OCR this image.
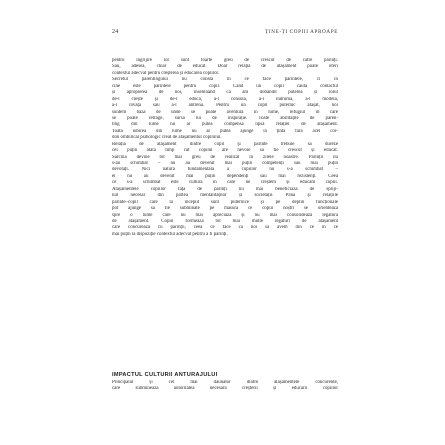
24	ȚINE-ȚI COPIII APROAPE
pentru îngrijire lor sunt foarte greu de crescut de către părinți.
Sau, adesea, chiar de educat. Doar relația de atașament poate oferi
contextul adecvat pentru creșterea și educarea copiilor.
Secretul parentingului nu constă în ce face părintele, ci în
cine este părintele pentru copil. Când un copil caută contactul
și apropierea de noi, însemnând că am dobândit puterea și rolul
de-l crește și de-l educa, a-l consola, a-l îndruma, a-l modela,
a-l învăța sau a-l antrena. Pentru un copil puternic atașat, noi
suntem baza de unde se poate aventura în lume, refugiul în care
se poate retrage, sursa lui de inspirație. Toate abilitățile de paren-
ting din lume nu ar putea compensa lipsa relației de atașament.
Toată iubirea din lume nu ar putea ajunge la ținta fără acel cor-
don ombilical psihologic creat de atașamentul copilului.
Relația de atașament dintre copil și părinte trebuie să dureze
cel puțin atâta timp cât copilul are nevoie să fie crescut și educat.
Sarcina devine tot mai greu de realizat în zilele noastre. Părinții nu
s-au schimbat – nu au devenit mai puțin competenți sau mai puțin
devotați. Nici natura fundamentală a copiilor nu s-a schimbat –
ei nu au devenit mai puțin dependenți sau mai rezistenți. Ceea
ce s-a schimbat este cultura în care ne creștem și educăm copiii.
Atașamentele copiilor față de părinți nu mai beneficiază de spriji-
nul necesar din partea mentalităților și societății. Până și relațiile
părinte–copil care la început sunt puternice și pe deplin funcționale
pot ajunge să fie subminate pe măsură ce copiii noștri se orientează
spre o lume care nu mai apreciază și nu mai consolidează legătura
de atașament. Copiii formează tot mai multe legături de atașament
care concurează cu părinții, ceea ce face ca noi să avem din ce în ce
mai puțin la dispoziție contextul adecvat pentru a fi părinți.
IMPACTUL CULTURII ANTURAJULUI
Principalul și cel mai dăunător dintre atașamentele concurente,
care subminează autoritatea necesară creșterii și educării copiilor
